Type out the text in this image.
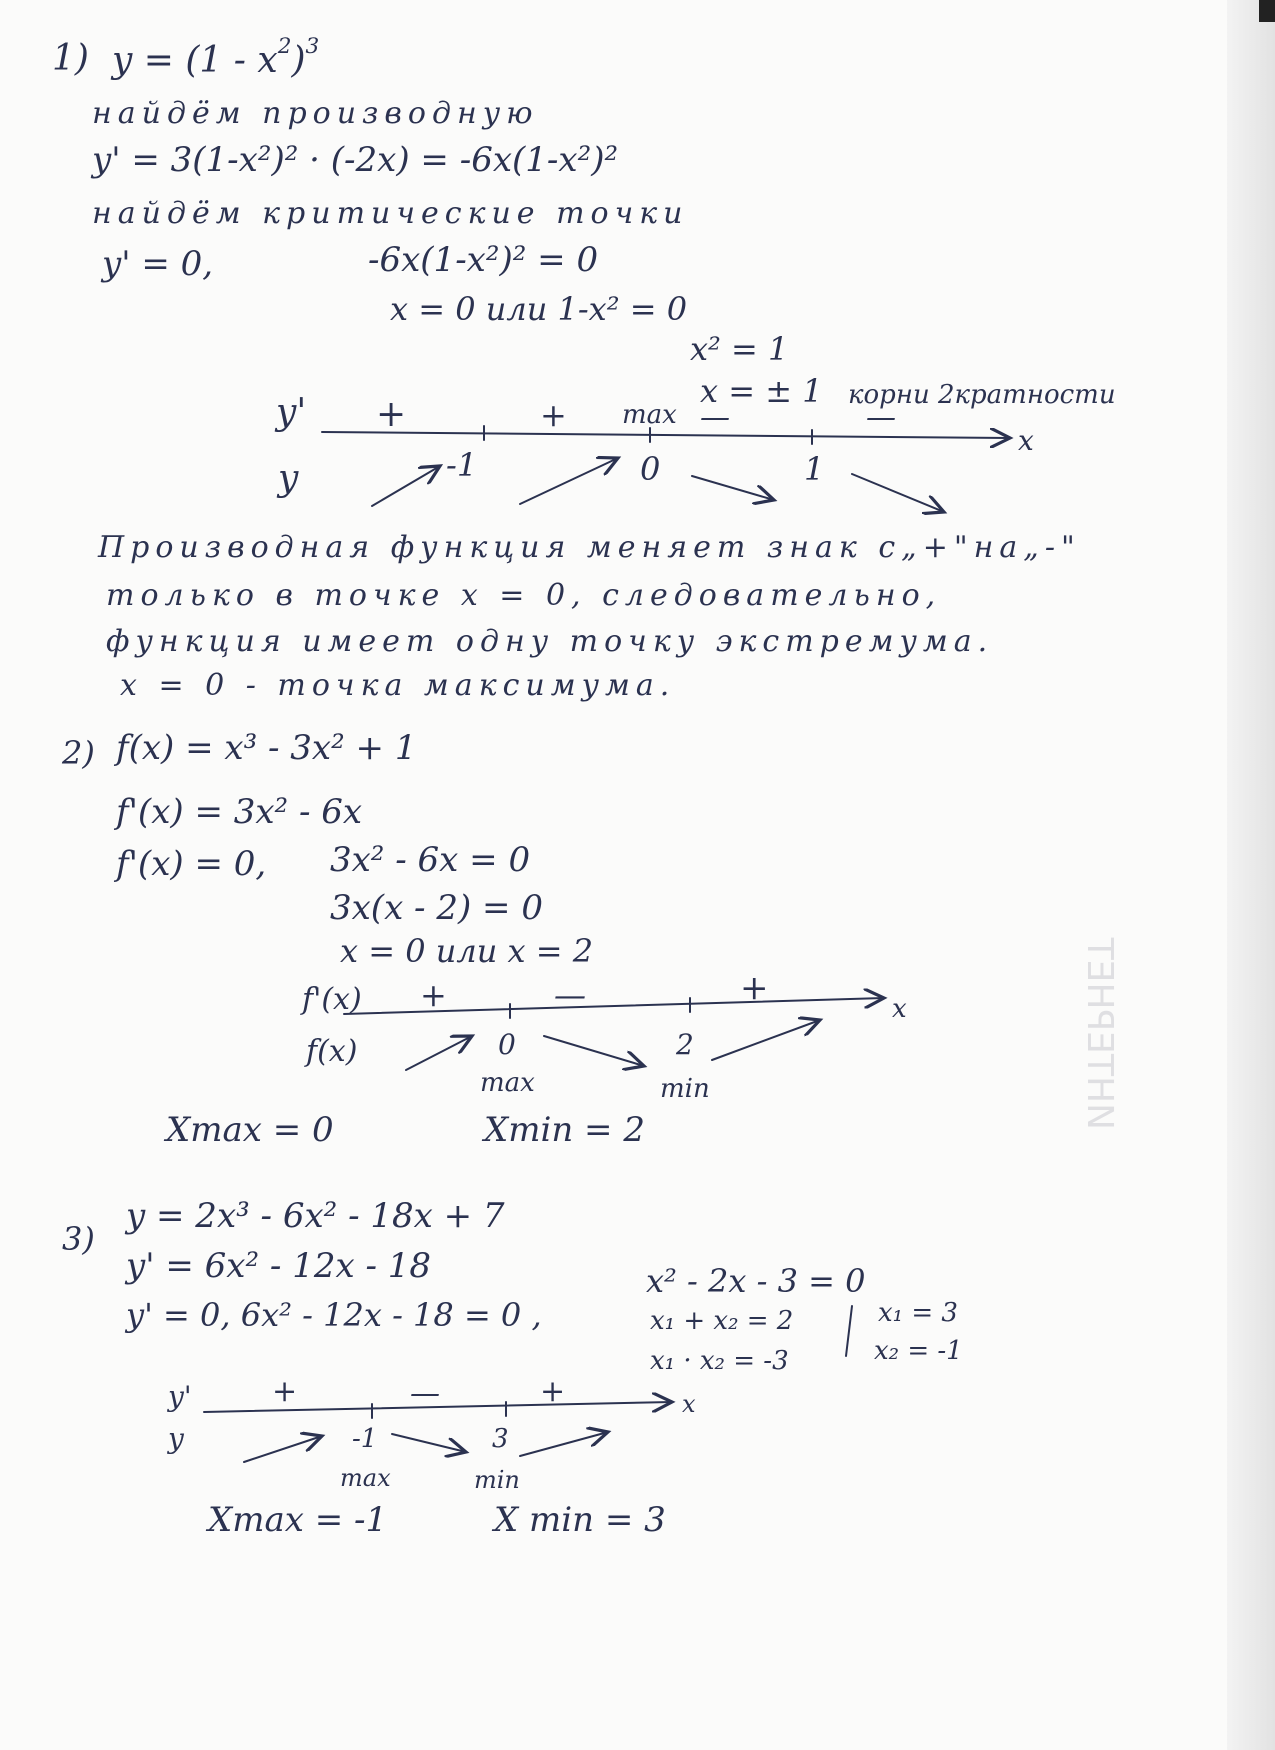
ИНТЕРНЕТ
1) $y = (1 - x^2)^3$
найдём производную
y' = 3(1-x²)² · (-2x) = -6x(1-x²)²
найдём критические точки
y' = 0,	-6x(1-x²)² = 0
x = 0 или 1-x² = 0
x² = 1
x = ± 1 корни 2кратности
y'
y
+	+ max —	—
-1	0	1
x
Производная функция меняет знак с„+"на„-"
только в точке x = 0, следовательно,
функция имеет одну точку экстремума.
x = 0 - точка максимума.
2) f(x) = x³ - 3x² + 1
f'(x) = 3x² - 6x
f'(x) = 0, 3x² - 6x = 0
3x(x - 2) = 0
x = 0 или x = 2
f'(x)
f(x)
+	—	+
0	2
max	min
x
Xmax = 0	Xmin = 2
3)
y = 2x³ - 6x² - 18x + 7
y' = 6x² - 12x - 18
y' = 0, 6x² - 12x - 18 = 0 ,
x² - 2x - 3 = 0
x₁ + x₂ = 2
x₁ · x₂ = -3
x₁ = 3
x₂ = -1
y'
y
+	—	+
-1	3
max	min
x
Xmax = -1	X min = 3
